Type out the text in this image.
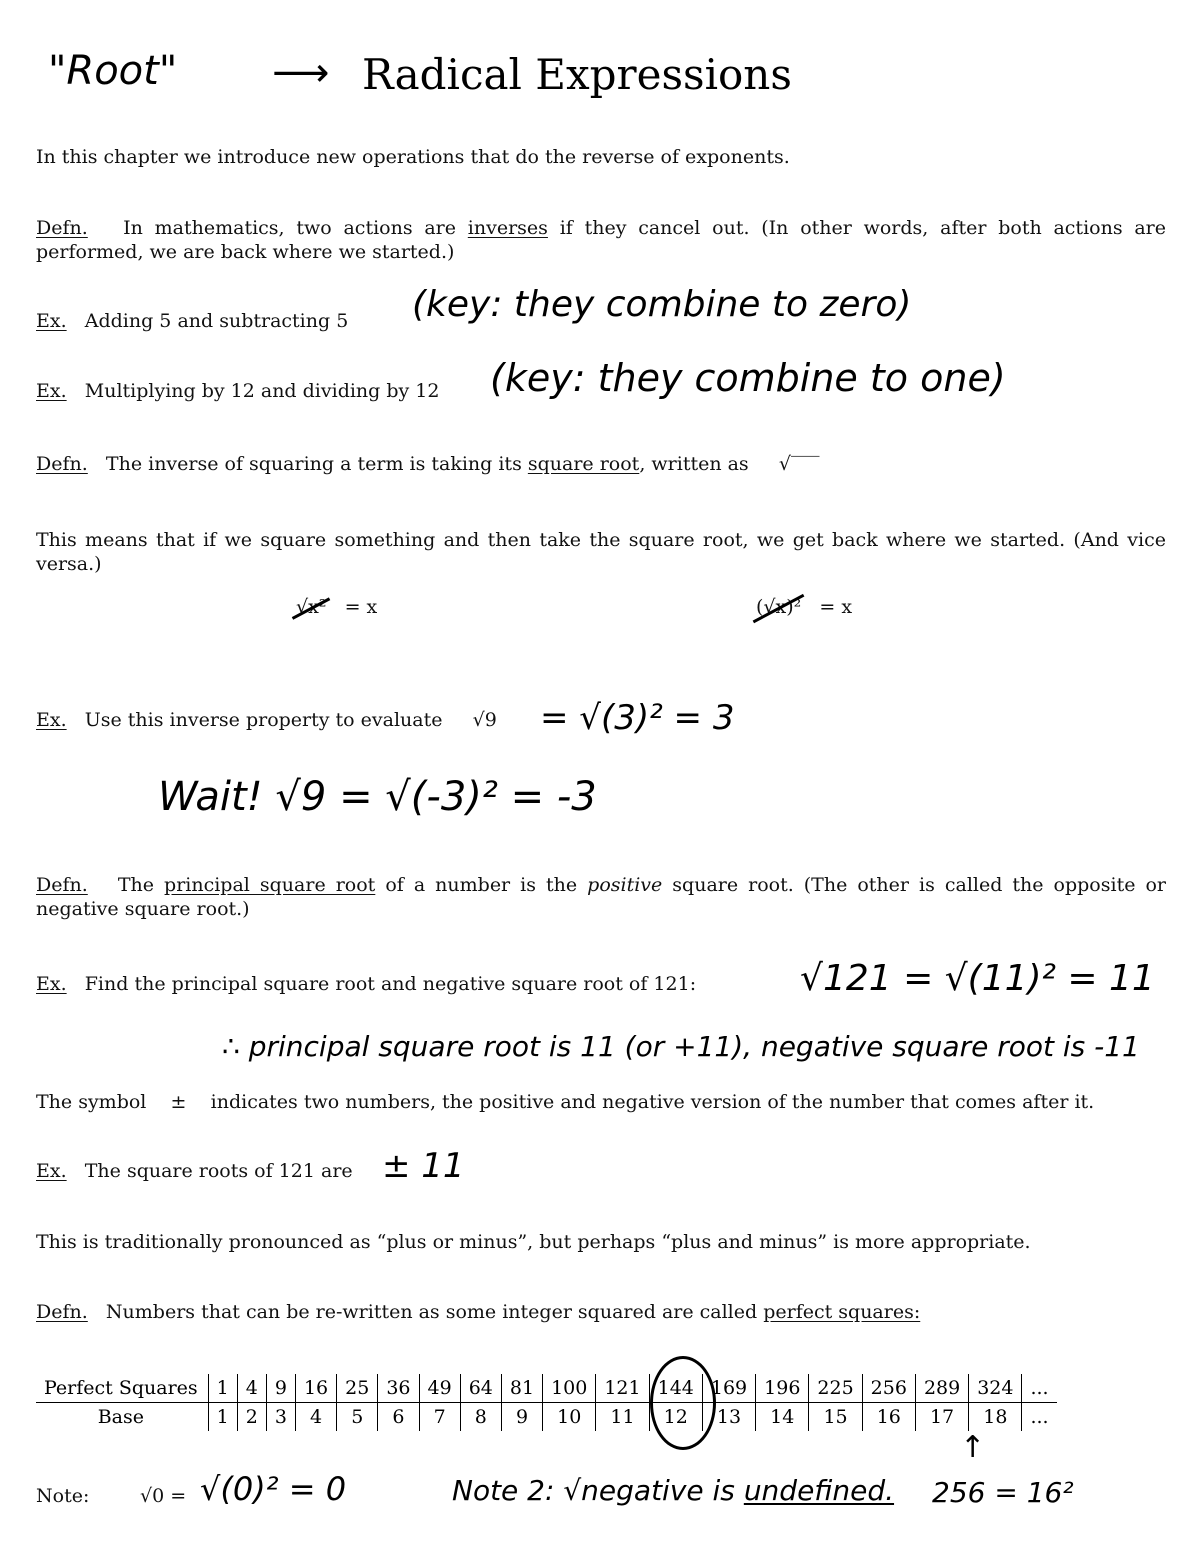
"Root" ⟶ Radical Expressions
In this chapter we introduce new operations that do the reverse of exponents.
Defn. In mathematics, two actions are inverses if they cancel out. (In other words, after both actions are performed, we are back where we started.)
Ex. Adding 5 and subtracting 5 (key: they combine to zero)
Ex. Multiplying by 12 and dividing by 12 (key: they combine to one)
Defn. The inverse of squaring a term is taking its square root, written as √‾‾‾
This means that if we square something and then take the square root, we get back where we started. (And vice versa.)
√x² = x	(√x)² = x
Ex. Use this inverse property to evaluate √9 = √(3)² = 3
Wait! √9 = √(-3)² = -3
Defn. The principal square root of a number is the positive square root. (The other is called the opposite or negative square root.)
Ex. Find the principal square root and negative square root of 121:	√121 = √(11)² = 11
∴ principal square root is 11 (or +11), negative square root is -11
The symbol ± indicates two numbers, the positive and negative version of the number that comes after it.
Ex. The square roots of 121 are ± 11
This is traditionally pronounced as “plus or minus”, but perhaps “plus and minus” is more appropriate.
Defn. Numbers that can be re-written as some integer squared are called perfect squares:
Perfect Squares	1	4	9	16	25	36	49	64	81	100	121	144	169	196	225	256	289	324	...
Base	1	2	3	4	5	6	7	8	9	10	11	12	13	14	15	16	17	18	...
Note:	√0 = √(0)² = 0	Note 2: √negative is undefined.
↑
256 = 16²
